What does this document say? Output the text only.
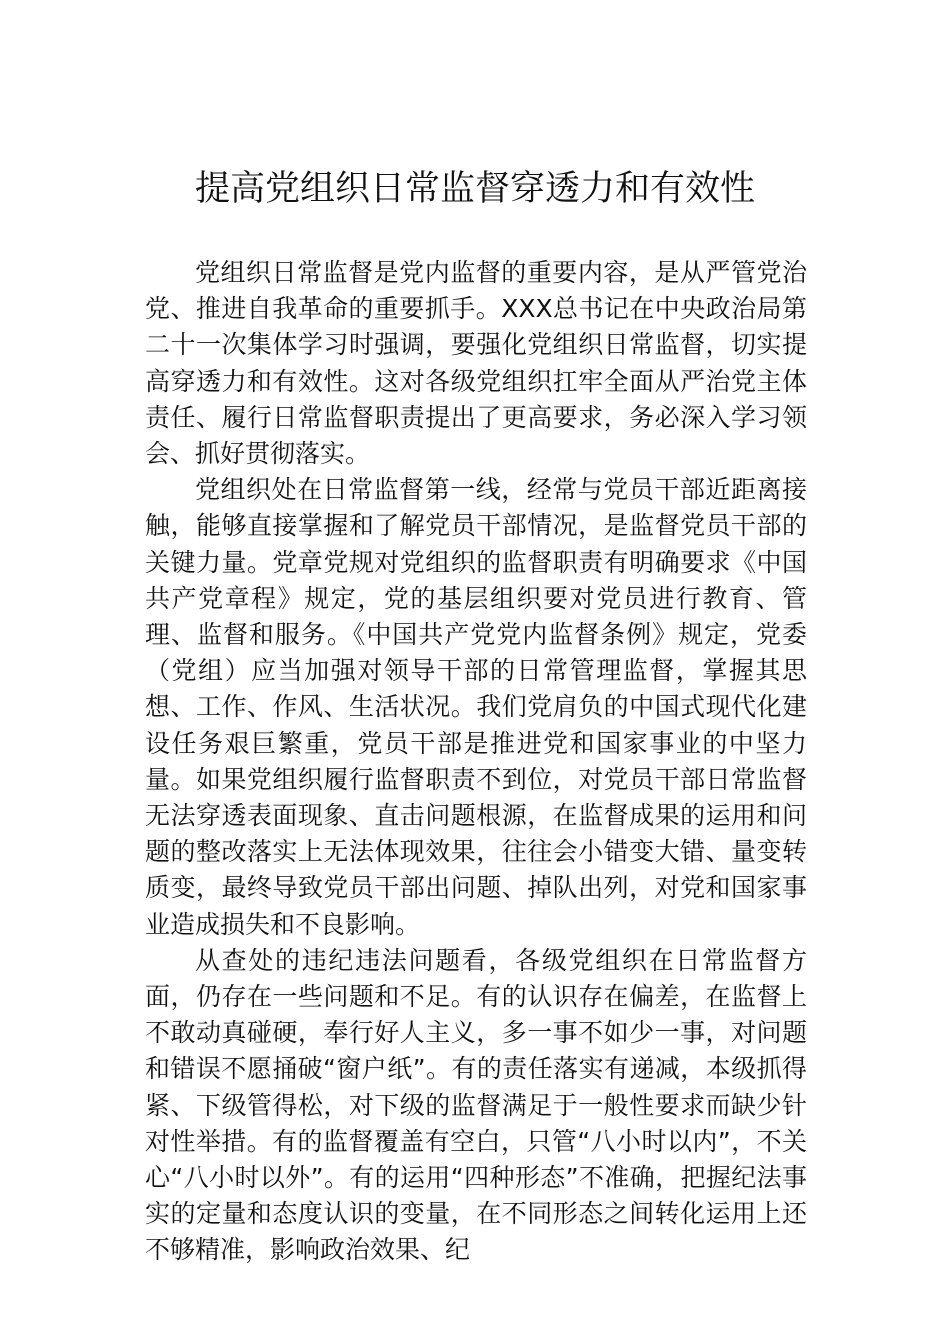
提高党组织日常监督穿透力和有效性

党组织日常监督是党内监督的重要内容，是从严管党治党、推进自我革命的重要抓手。XXX总书记在中央政治局第二十一次集体学习时强调，要强化党组织日常监督，切实提高穿透力和有效性。这对各级党组织扛牢全面从严治党主体责任、履行日常监督职责提出了更高要求，务必深入学习领会、抓好贯彻落实。

党组织处在日常监督第一线，经常与党员干部近距离接触，能够直接掌握和了解党员干部情况，是监督党员干部的关键力量。党章党规对党组织的监督职责有明确要求《中国共产党章程》规定，党的基层组织要对党员进行教育、管理、监督和服务。《中国共产党党内监督条例》规定，党委（党组）应当加强对领导干部的日常管理监督，掌握其思想、工作、作风、生活状况。我们党肩负的中国式现代化建设任务艰巨繁重，党员干部是推进党和国家事业的中坚力量。如果党组织履行监督职责不到位，对党员干部日常监督无法穿透表面现象、直击问题根源，在监督成果的运用和问题的整改落实上无法体现效果，往往会小错变大错、量变转质变，最终导致党员干部出问题、掉队出列，对党和国家事业造成损失和不良影响。

从查处的违纪违法问题看，各级党组织在日常监督方面，仍存在一些问题和不足。有的认识存在偏差，在监督上不敢动真碰硬，奉行好人主义，多一事不如少一事，对问题和错误不愿捅破“窗户纸”。有的责任落实有递减，本级抓得紧、下级管得松，对下级的监督满足于一般性要求而缺少针对性举措。有的监督覆盖有空白，只管“八小时以内”，不关心“八小时以外”。有的运用“四种形态”不准确，把握纪法事实的定量和态度认识的变量，在不同形态之间转化运用上还不够精准，影响政治效果、纪
